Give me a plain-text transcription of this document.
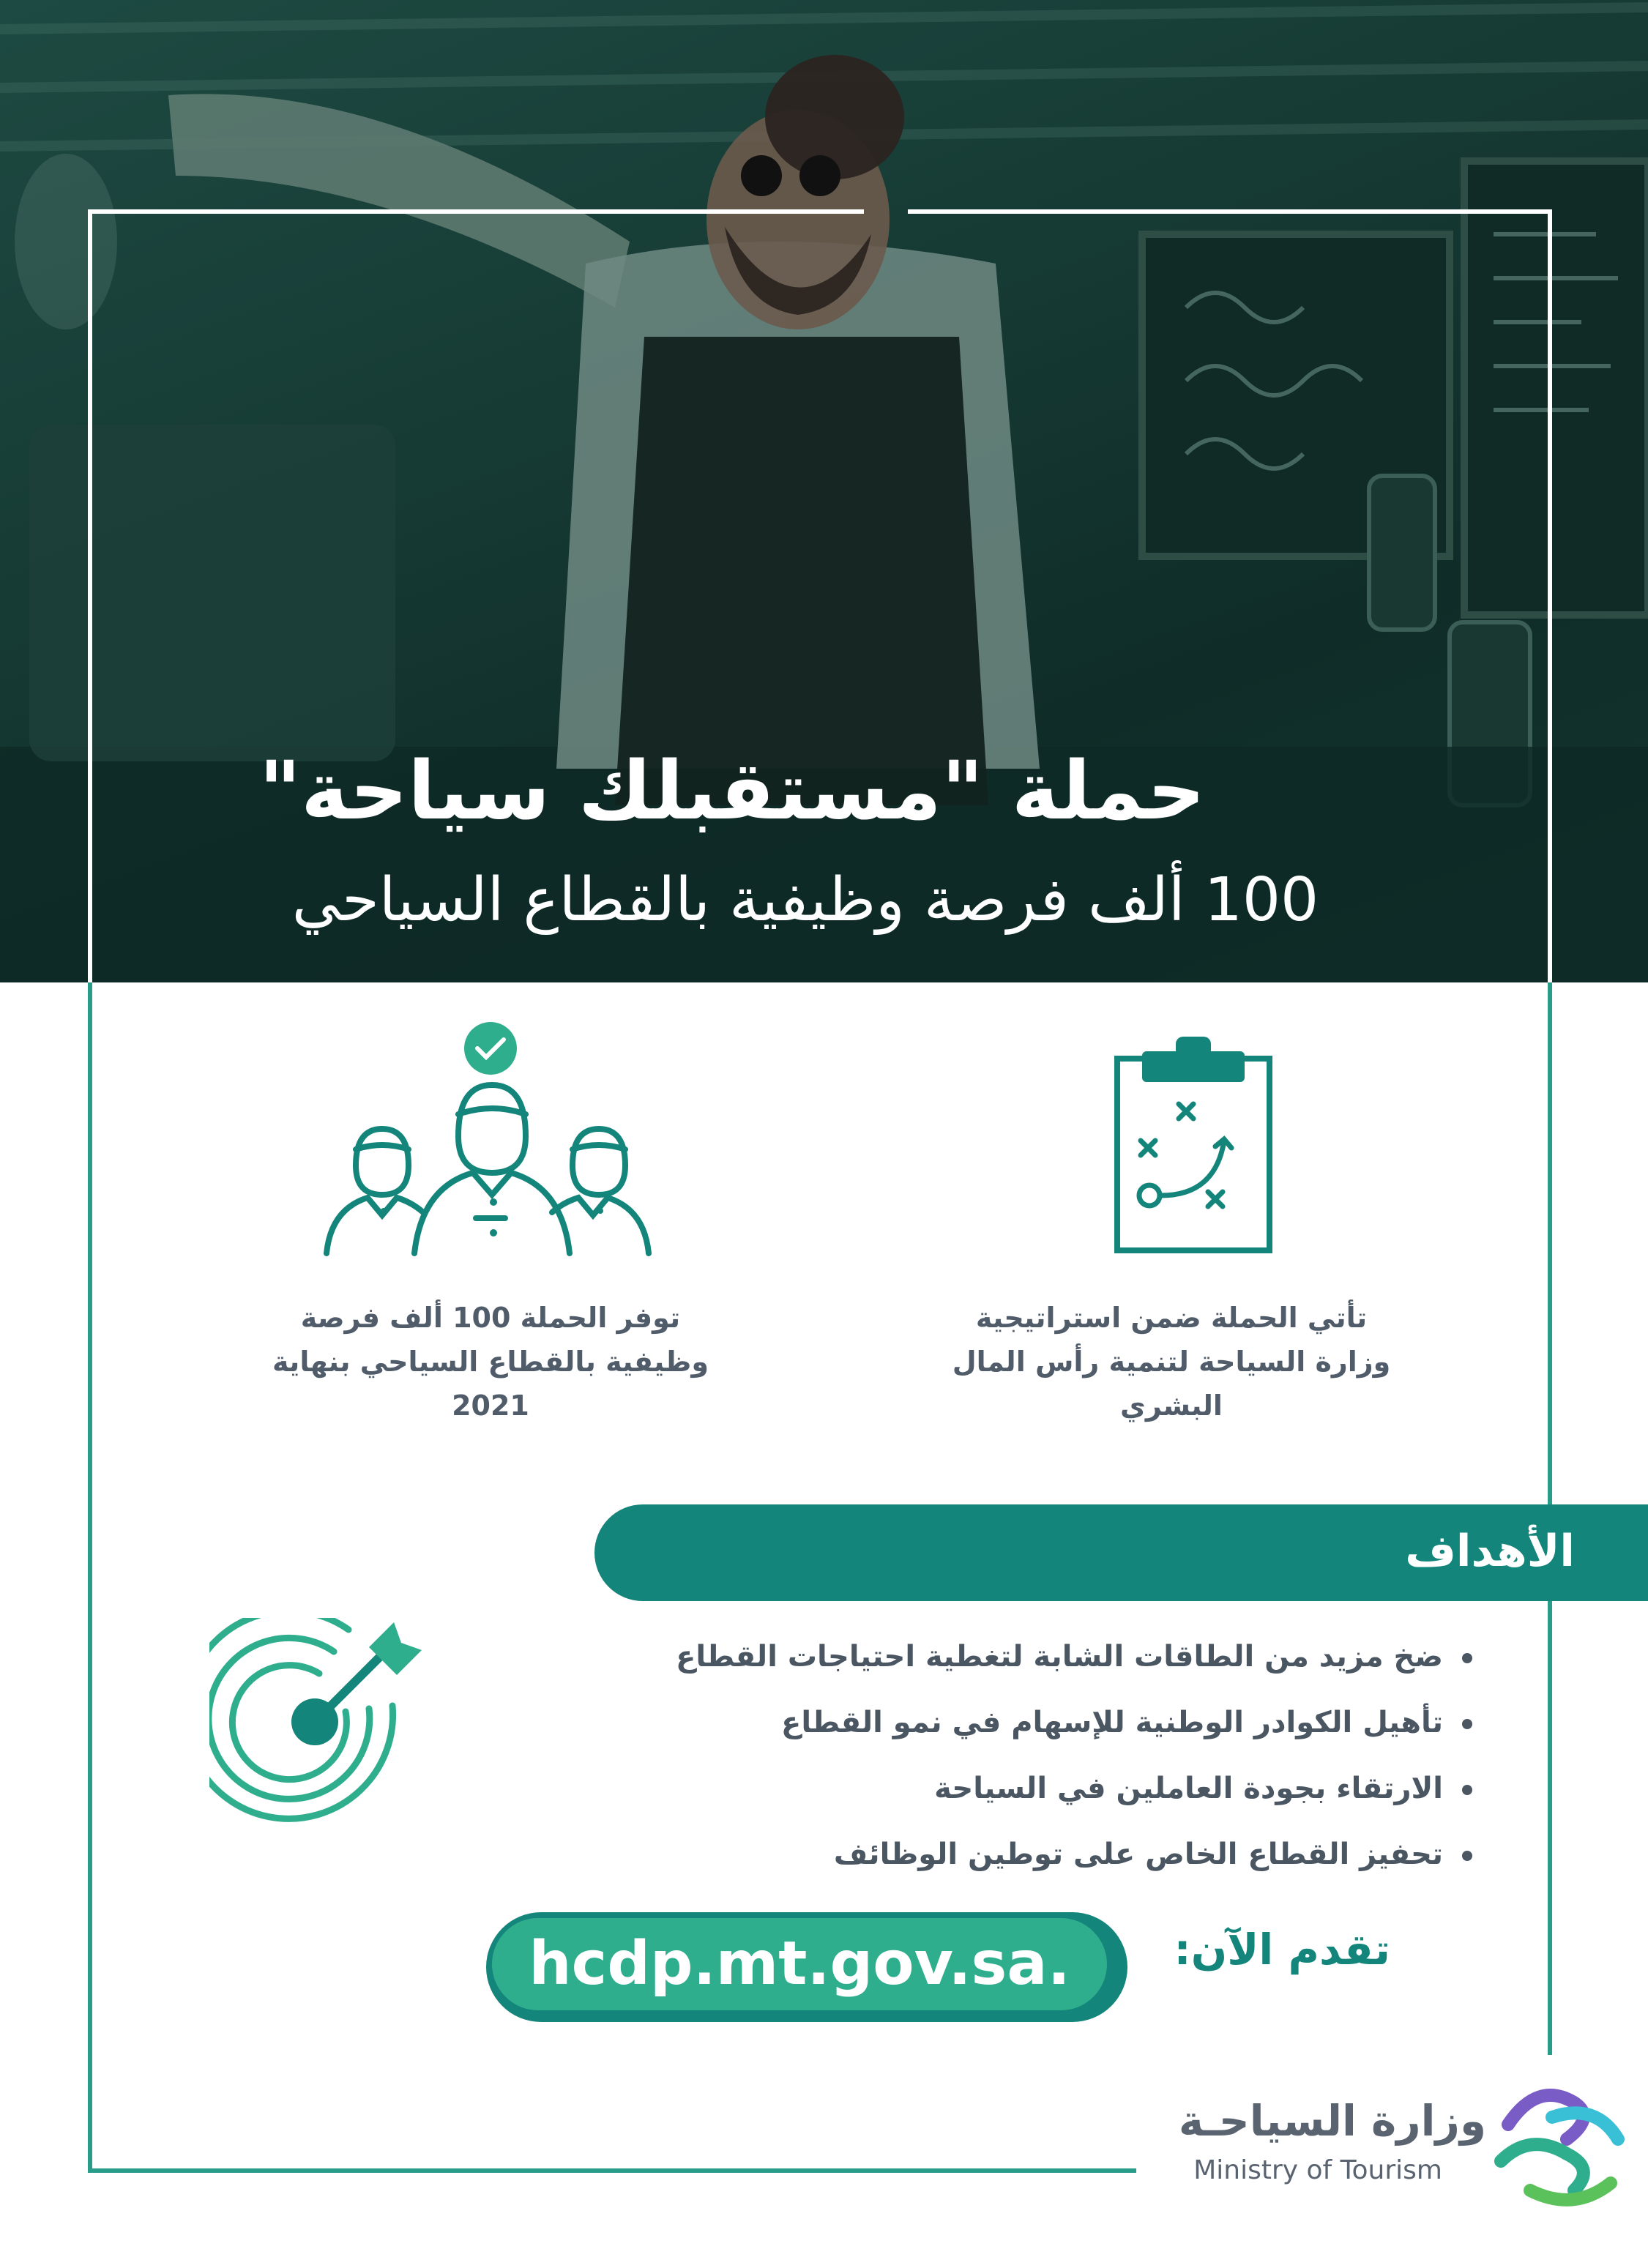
حملة "مستقبلك سياحة"
100 ألف فرصة وظيفية بالقطاع السياحي
تأتي الحملة ضمن استراتيجية وزارة السياحة لتنمية رأس المال البشري
توفر الحملة 100 ألف فرصة وظيفية بالقطاع السياحي بنهاية 2021
الأهداف
ضخ مزيد من الطاقات الشابة لتغطية احتياجات القطاع
تأهيل الكوادر الوطنية للإسهام في نمو القطاع
الارتقاء بجودة العاملين في السياحة
تحفيز القطاع الخاص على توطين الوظائف
تقدم الآن:
hcdp.mt.gov.sa.
وزارة السياحـة
Ministry of Tourism
